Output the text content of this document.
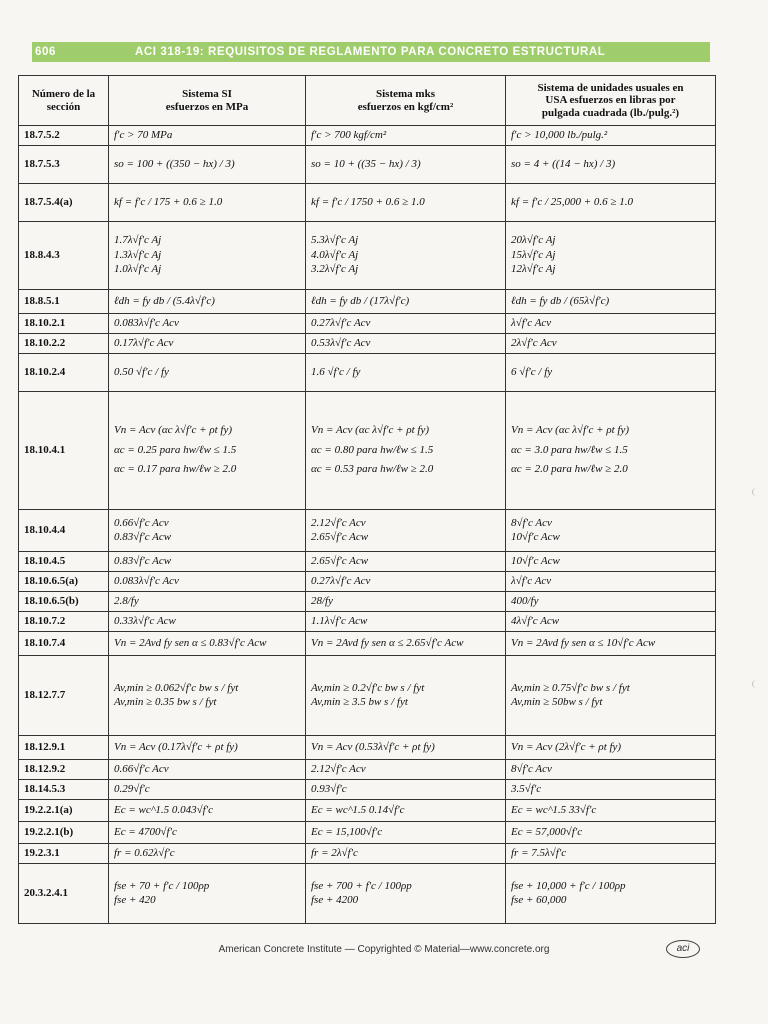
606	ACI 318-19: REQUISITOS DE REGLAMENTO PARA CONCRETO ESTRUCTURAL
Número de la
sección	Sistema SI
esfuerzos en MPa	Sistema mks
esfuerzos en kgf/cm²	Sistema de unidades usuales en
USA esfuerzos en libras por
pulgada cuadrada (lb./pulg.²)

18.7.5.2	f′c > 70 MPa	f′c > 700 kgf/cm²	f′c > 10,000 lb./pulg.²

18.7.5.3	so = 100 + ((350 − hx) / 3)	so = 10 + ((35 − hx) / 3)	so = 4 + ((14 − hx) / 3)

18.7.5.4(a)	kf = f′c / 175 + 0.6 ≥ 1.0	kf = f′c / 1750 + 0.6 ≥ 1.0	kf = f′c / 25,000 + 0.6 ≥ 1.0

18.8.4.3	1.7λ√f′c Aj
1.3λ√f′c Aj
1.0λ√f′c Aj	5.3λ√f′c Aj
4.0λ√f′c Aj
3.2λ√f′c Aj	20λ√f′c Aj
15λ√f′c Aj
12λ√f′c Aj

18.8.5.1	ℓdh = fy db / (5.4λ√f′c)	ℓdh = fy db / (17λ√f′c)	ℓdh = fy db / (65λ√f′c)

18.10.2.1	0.083λ√f′c Acv	0.27λ√f′c Acv	λ√f′c Acv

18.10.2.2	0.17λ√f′c Acv	0.53λ√f′c Acv	2λ√f′c Acv

18.10.2.4	0.50 √f′c / fy	1.6 √f′c / fy	6 √f′c / fy

18.10.4.1	Vn = Acv (αc λ√f′c + ρt fy)
αc = 0.25 para hw/ℓw ≤ 1.5
αc = 0.17 para hw/ℓw ≥ 2.0	Vn = Acv (αc λ√f′c + ρt fy)
αc = 0.80 para hw/ℓw ≤ 1.5
αc = 0.53 para hw/ℓw ≥ 2.0	Vn = Acv (αc λ√f′c + ρt fy)
αc = 3.0 para hw/ℓw ≤ 1.5
αc = 2.0 para hw/ℓw ≥ 2.0

18.10.4.4	0.66√f′c Acv
0.83√f′c Acw	2.12√f′c Acv
2.65√f′c Acw	8√f′c Acv
10√f′c Acw

18.10.4.5	0.83√f′c Acw	2.65√f′c Acw	10√f′c Acw

18.10.6.5(a)	0.083λ√f′c Acv	0.27λ√f′c Acv	λ√f′c Acv

18.10.6.5(b)	2.8/fy	28/fy	400/fy

18.10.7.2	0.33λ√f′c Acw	1.1λ√f′c Acw	4λ√f′c Acw

18.10.7.4	Vn = 2Avd fy sen α ≤ 0.83√f′c Acw	Vn = 2Avd fy sen α ≤ 2.65√f′c Acw	Vn = 2Avd fy sen α ≤ 10√f′c Acw

18.12.7.7	Av,min ≥ 0.062√f′c bw s / fyt
Av,min ≥ 0.35 bw s / fyt	Av,min ≥ 0.2√f′c bw s / fyt
Av,min ≥ 3.5 bw s / fyt	Av,min ≥ 0.75√f′c bw s / fyt
Av,min ≥ 50bw s / fyt

18.12.9.1	Vn = Acv (0.17λ√f′c + ρt fy)	Vn = Acv (0.53λ√f′c + ρt fy)	Vn = Acv (2λ√f′c + ρt fy)

18.12.9.2	0.66√f′c Acv	2.12√f′c Acv	8√f′c Acv

18.14.5.3	0.29√f′c	0.93√f′c	3.5√f′c

19.2.2.1(a)	Ec = wc^1.5 0.043√f′c	Ec = wc^1.5 0.14√f′c	Ec = wc^1.5 33√f′c

19.2.2.1(b)	Ec = 4700√f′c	Ec = 15,100√f′c	Ec = 57,000√f′c

19.2.3.1	fr = 0.62λ√f′c	fr = 2λ√f′c	fr = 7.5λ√f′c

20.3.2.4.1	fse + 70 + f′c / 100ρp
fse + 420	fse + 700 + f′c / 100ρp
fse + 4200	fse + 10,000 + f′c / 100ρp
fse + 60,000
American Concrete Institute — Copyrighted © Material—www.concrete.org	aci
